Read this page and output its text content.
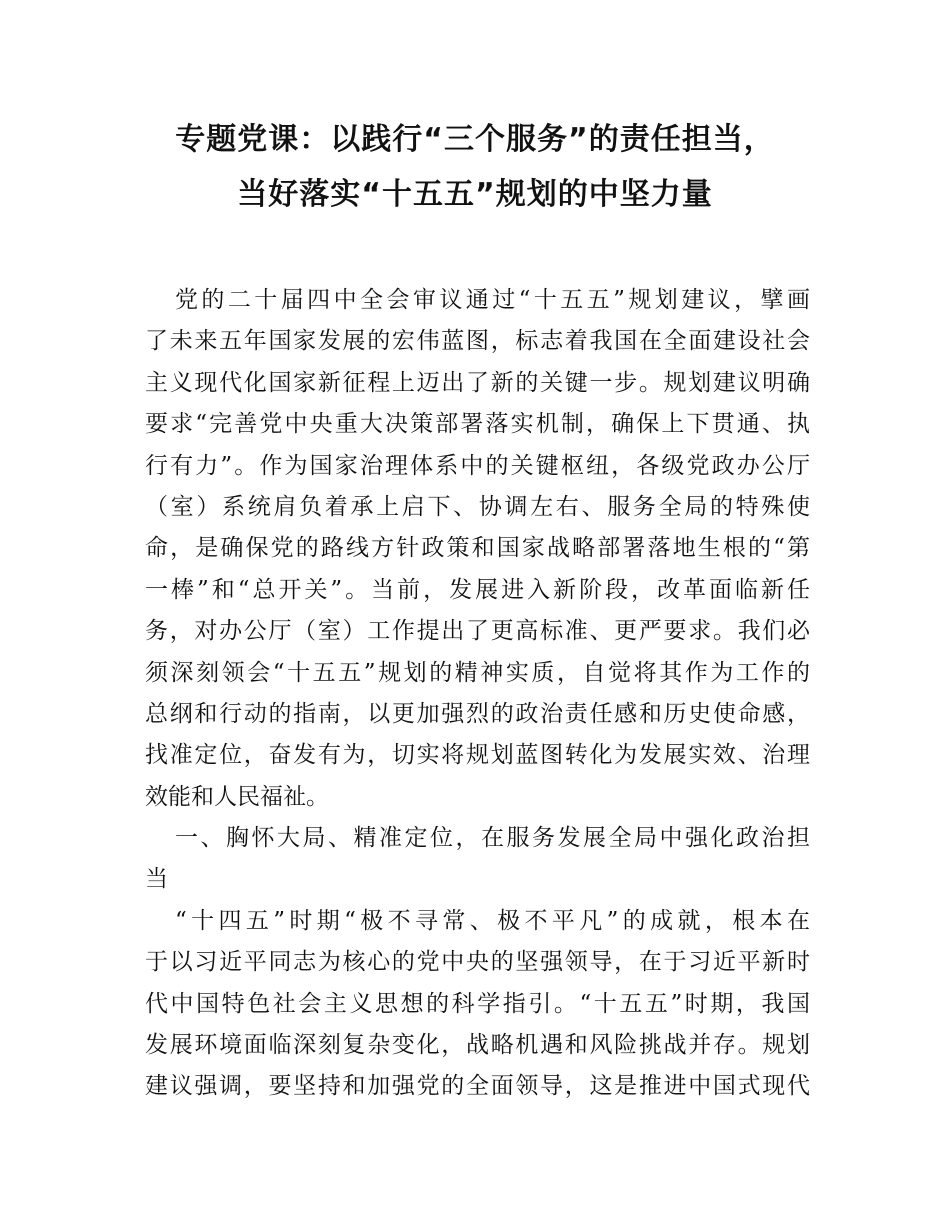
专题党课：以践行“三个服务”的责任担当，
当好落实“十五五”规划的中坚力量
党的二十届四中全会审议通过“十五五”规划建议，擘画
了未来五年国家发展的宏伟蓝图，标志着我国在全面建设社会
主义现代化国家新征程上迈出了新的关键一步。规划建议明确
要求“完善党中央重大决策部署落实机制，确保上下贯通、执
行有力”。作为国家治理体系中的关键枢纽，各级党政办公厅
（室）系统肩负着承上启下、协调左右、服务全局的特殊使
命，是确保党的路线方针政策和国家战略部署落地生根的“第
一棒”和“总开关”。当前，发展进入新阶段，改革面临新任
务，对办公厅（室）工作提出了更高标准、更严要求。我们必
须深刻领会“十五五”规划的精神实质，自觉将其作为工作的
总纲和行动的指南，以更加强烈的政治责任感和历史使命感，
找准定位，奋发有为，切实将规划蓝图转化为发展实效、治理
效能和人民福祉。
一、胸怀大局、精准定位，在服务发展全局中强化政治担
当
“十四五”时期“极不寻常、极不平凡”的成就，根本在
于以习近平同志为核心的党中央的坚强领导，在于习近平新时
代中国特色社会主义思想的科学指引。“十五五”时期，我国
发展环境面临深刻复杂变化，战略机遇和风险挑战并存。规划
建议强调，要坚持和加强党的全面领导，这是推进中国式现代
